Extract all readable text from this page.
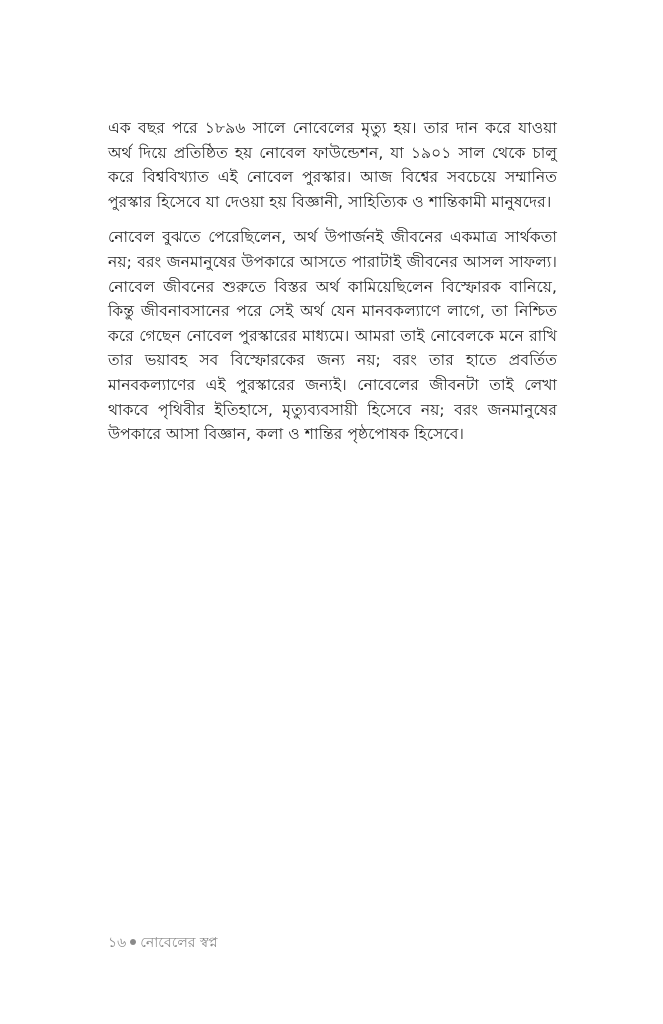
এক বছর পরে ১৮৯৬ সালে নোবেলের মৃত্যু হয়। তার দান করে যাওয়া অর্থ দিয়ে প্রতিষ্ঠিত হয় নোবেল ফাউন্ডেশন, যা ১৯০১ সাল থেকে চালু করে বিশ্ববিখ্যাত এই নোবেল পুরস্কার। আজ বিশ্বের সবচেয়ে সম্মানিত পুরস্কার হিসেবে যা দেওয়া হয় বিজ্ঞানী, সাহিত্যিক ও শান্তিকামী মানুষদের।

নোবেল বুঝতে পেরেছিলেন, অর্থ উপার্জনই জীবনের একমাত্র সার্থকতা নয়; বরং জনমানুষের উপকারে আসতে পারাটাই জীবনের আসল সাফল্য। নোবেল জীবনের শুরুতে বিস্তর অর্থ কামিয়েছিলেন বিস্ফোরক বানিয়ে, কিন্তু জীবনাবসানের পরে সেই অর্থ যেন মানবকল্যাণে লাগে, তা নিশ্চিত করে গেছেন নোবেল পুরস্কারের মাধ্যমে। আমরা তাই নোবেলকে মনে রাখি তার ভয়াবহ সব বিস্ফোরকের জন্য নয়; বরং তার হাতে প্রবর্তিত মানবকল্যাণের এই পুরস্কারের জন্যই। নোবেলের জীবনটা তাই লেখা থাকবে পৃথিবীর ইতিহাসে, মৃত্যুব্যবসায়ী হিসেবে নয়; বরং জনমানুষের উপকারে আসা বিজ্ঞান, কলা ও শান্তির পৃষ্ঠপোষক হিসেবে।

১৬ নোবেলের স্বপ্ন
